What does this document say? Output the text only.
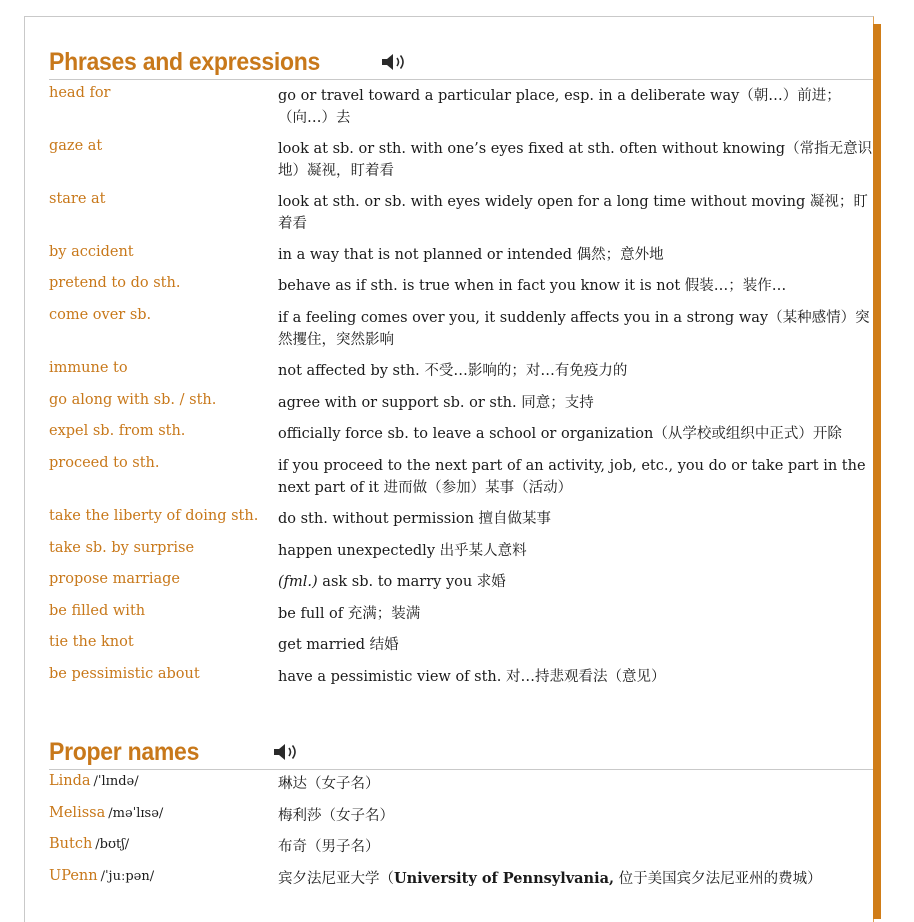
Phrases and expressions
head for	go or travel toward a particular place, esp. in a deliberate way（朝…）前进；（向…）去
gaze at	look at sb. or sth. with one’s eyes fixed at sth. often without knowing（常指无意识地）凝视，盯着看
stare at	look at sth. or sb. with eyes widely open for a long time without moving 凝视；盯着看
by accident	in a way that is not planned or intended 偶然；意外地
pretend to do sth.	behave as if sth. is true when in fact you know it is not 假装…；装作…
come over sb.	if a feeling comes over you, it suddenly affects you in a strong way（某种感情）突然攫住，突然影响
immune to	not affected by sth. 不受…影响的；对…有免疫力的
go along with sb. / sth.	agree with or support sb. or sth. 同意；支持
expel sb. from sth.	officially force sb. to leave a school or organization（从学校或组织中正式）开除
proceed to sth.	if you proceed to the next part of an activity, job, etc., you do or take part in the next part of it 进而做（参加）某事（活动）
take the liberty of doing sth.	do sth. without permission 擅自做某事
take sb. by surprise	happen unexpectedly 出乎某人意料
propose marriage	(fml.) ask sb. to marry you 求婚
be filled with	be full of 充满；装满
tie the knot	get married 结婚
be pessimistic about	have a pessimistic view of sth. 对…持悲观看法（意见）
Proper names
Linda /ˈlɪndə/	琳达（女子名）
Melissa /məˈlɪsə/	梅利莎（女子名）
Butch /bʊtʃ/	布奇（男子名）
UPenn /ˈjuːpən/	宾夕法尼亚大学（University of Pennsylvania, 位于美国宾夕法尼亚州的费城）
